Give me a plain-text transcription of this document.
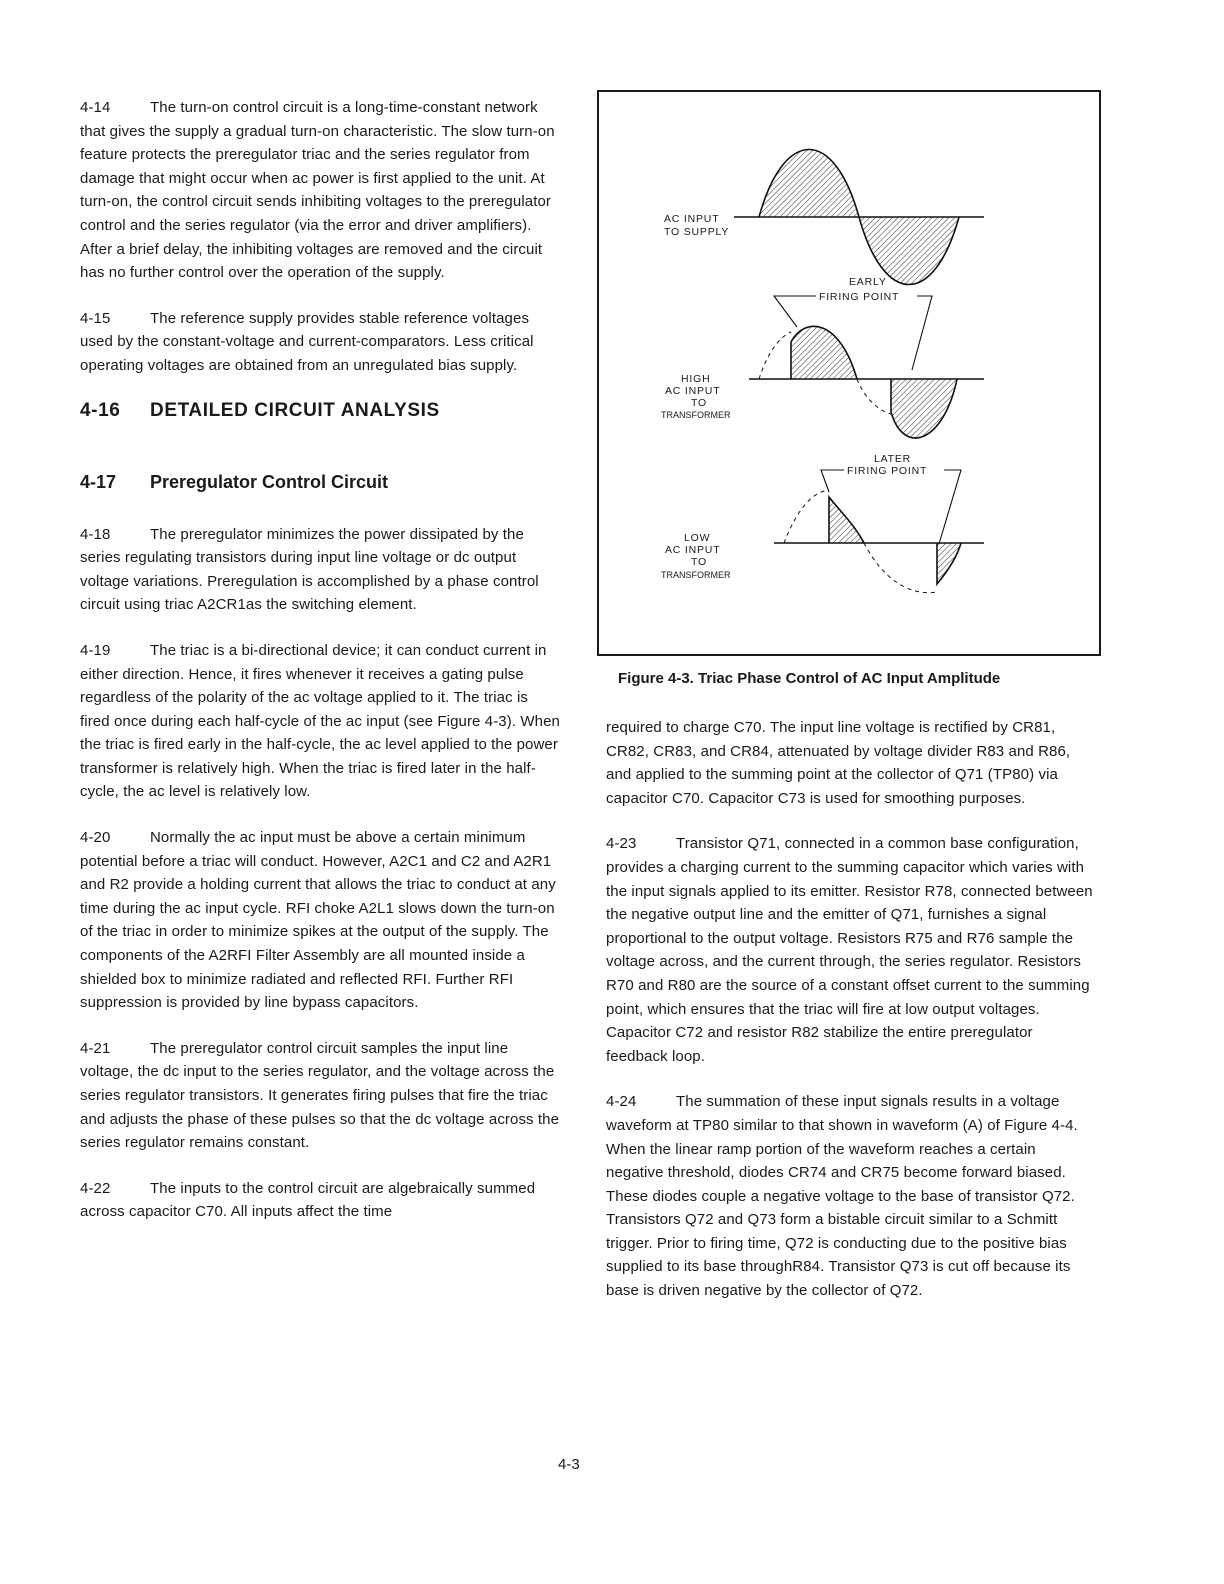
4-14	The turn-on control circuit is a long-time-constant network that gives the supply a gradual turn-on characteristic. The slow turn-on feature protects the preregulator triac and the series regulator from damage that might occur when ac power is first applied to the unit. At turn-on, the control circuit sends inhibiting voltages to the preregulator control and the series regulator (via the error and driver amplifiers). After a brief delay, the inhibiting voltages are removed and the circuit has no further control over the operation of the supply.

4-15	The reference supply provides stable reference voltages used by the constant-voltage and current-comparators. Less critical operating voltages are obtained from an unregulated bias supply.

4-16 DETAILED CIRCUIT ANALYSIS
4-17 Preregulator Control Circuit

4-18	The preregulator minimizes the power dissipated by the series regulating transistors during input line voltage or dc output voltage variations. Preregulation is accomplished by a phase control circuit using triac A2CR1as the switching element.

4-19	The triac is a bi-directional device; it can conduct current in either direction. Hence, it fires whenever it receives a gating pulse regardless of the polarity of the ac voltage applied to it. The triac is fired once during each half-cycle of the ac input (see Figure 4-3). When the triac is fired early in the half-cycle, the ac level applied to the power transformer is relatively high. When the triac is fired later in the half-cycle, the ac level is relatively low.

4-20	Normally the ac input must be above a certain minimum potential before a triac will conduct. However, A2C1 and C2 and A2R1 and R2 provide a holding current that allows the triac to conduct at any time during the ac input cycle. RFI choke A2L1 slows down the turn-on of the triac in order to minimize spikes at the output of the supply. The components of the A2RFI Filter Assembly are all mounted inside a shielded box to minimize radiated and reflected RFI. Further RFI suppression is provided by line bypass capacitors.

4-21	The preregulator control circuit samples the input line voltage, the dc input to the series regulator, and the voltage across the series regulator transistors. It generates firing pulses that fire the triac and adjusts the phase of these pulses so that the dc voltage across the series regulator remains constant.

4-22	The inputs to the control circuit are algebraically summed across capacitor C70. All inputs affect the time

AC INPUT
TO SUPPLY
EARLY
FIRING POINT
HIGH
AC INPUT
TO
TRANSFORMER
LATER
FIRING POINT
LOW
AC INPUT
TO
TRANSFORMER
Figure 4-3. Triac Phase Control of AC Input Amplitude

required to charge C70. The input line voltage is rectified by CR81, CR82, CR83, and CR84, attenuated by voltage divider R83 and R86, and applied to the summing point at the collector of Q71 (TP80) via capacitor C70. Capacitor C73 is used for smoothing purposes.

4-23	Transistor Q71, connected in a common base configuration, provides a charging current to the summing capacitor which varies with the input signals applied to its emitter. Resistor R78, connected between the negative output line and the emitter of Q71, furnishes a signal proportional to the output voltage. Resistors R75 and R76 sample the voltage across, and the current through, the series regulator. Resistors R70 and R80 are the source of a constant offset current to the summing point, which ensures that the triac will fire at low output voltages. Capacitor C72 and resistor R82 stabilize the entire preregulator feedback loop.

4-24	The summation of these input signals results in a voltage waveform at TP80 similar to that shown in waveform (A) of Figure 4-4. When the linear ramp portion of the waveform reaches a certain negative threshold, diodes CR74 and CR75 become forward biased. These diodes couple a negative voltage to the base of transistor Q72. Transistors Q72 and Q73 form a bistable circuit similar to a Schmitt trigger. Prior to firing time, Q72 is conducting due to the positive bias supplied to its base throughR84. Transistor Q73 is cut off because its base is driven negative by the collector of Q72.

4-3
